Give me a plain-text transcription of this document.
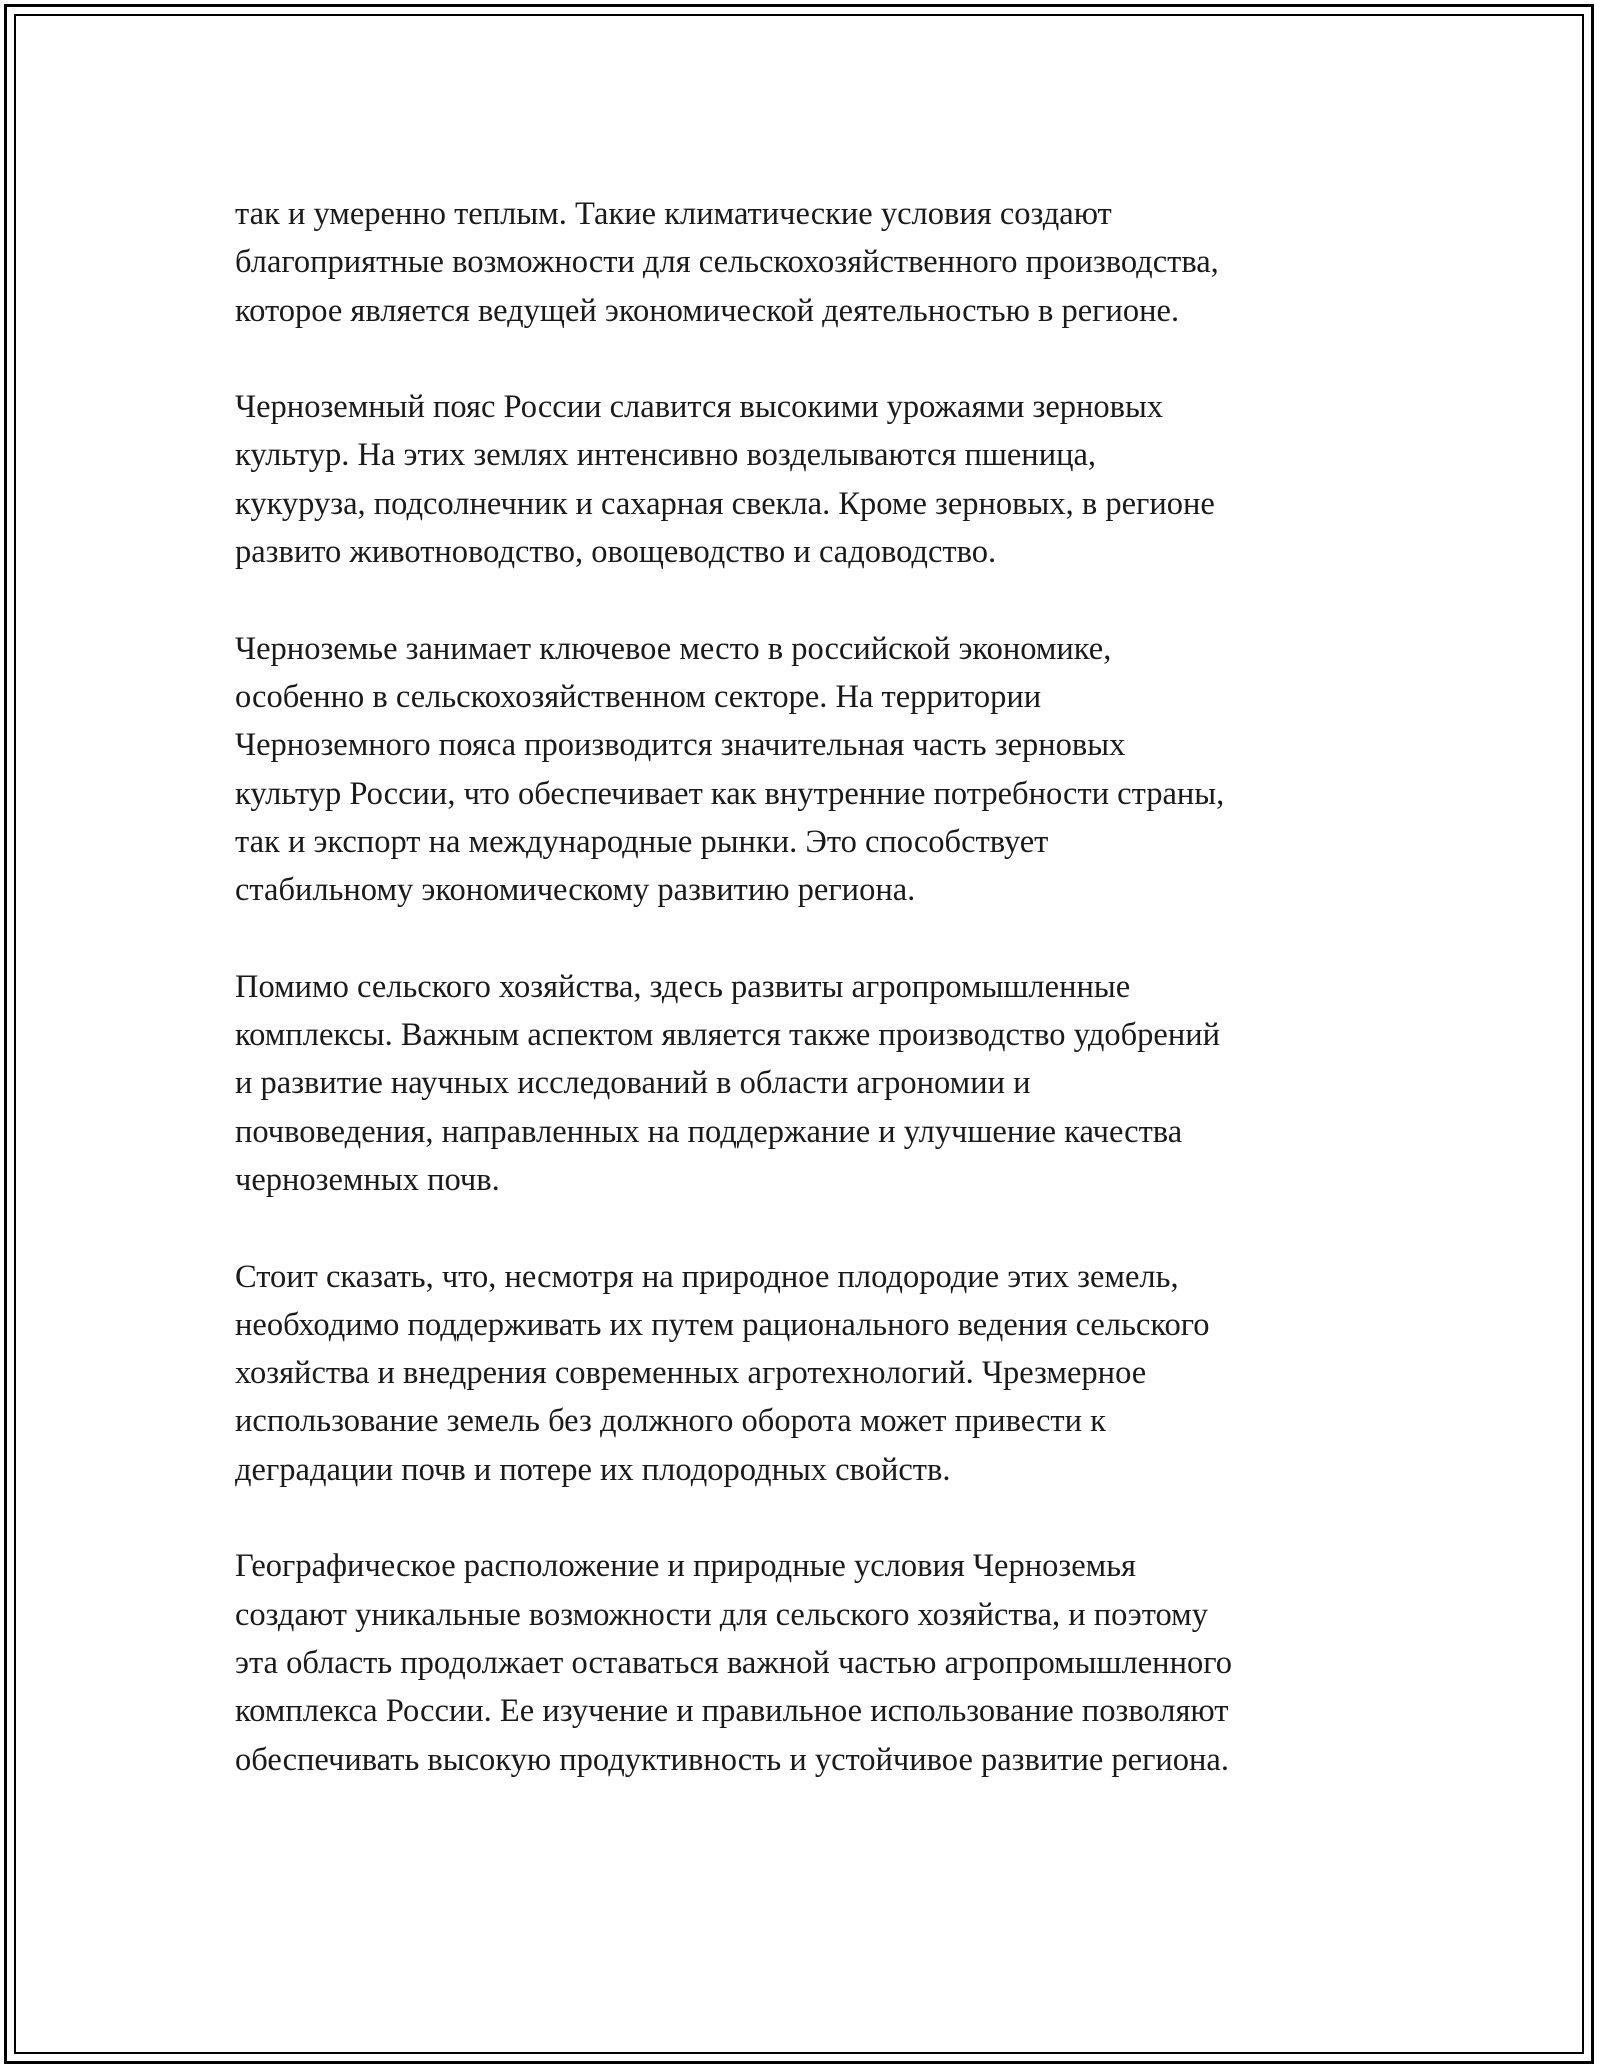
так и умеренно теплым. Такие климатические условия создают
благоприятные возможности для сельскохозяйственного производства,
которое является ведущей экономической деятельностью в регионе.

Черноземный пояс России славится высокими урожаями зерновых
культур. На этих землях интенсивно возделываются пшеница,
кукуруза, подсолнечник и сахарная свекла. Кроме зерновых, в регионе
развито животноводство, овощеводство и садоводство.

Черноземье занимает ключевое место в российской экономике,
особенно в сельскохозяйственном секторе. На территории
Черноземного пояса производится значительная часть зерновых
культур России, что обеспечивает как внутренние потребности страны,
так и экспорт на международные рынки. Это способствует
стабильному экономическому развитию региона.

Помимо сельского хозяйства, здесь развиты агропромышленные
комплексы. Важным аспектом является также производство удобрений
и развитие научных исследований в области агрономии и
почвоведения, направленных на поддержание и улучшение качества
черноземных почв.

Стоит сказать, что, несмотря на природное плодородие этих земель,
необходимо поддерживать их путем рационального ведения сельского
хозяйства и внедрения современных агротехнологий. Чрезмерное
использование земель без должного оборота может привести к
деградации почв и потере их плодородных свойств.

Географическое расположение и природные условия Черноземья
создают уникальные возможности для сельского хозяйства, и поэтому
эта область продолжает оставаться важной частью агропромышленного
комплекса России. Ее изучение и правильное использование позволяют
обеспечивать высокую продуктивность и устойчивое развитие региона.
